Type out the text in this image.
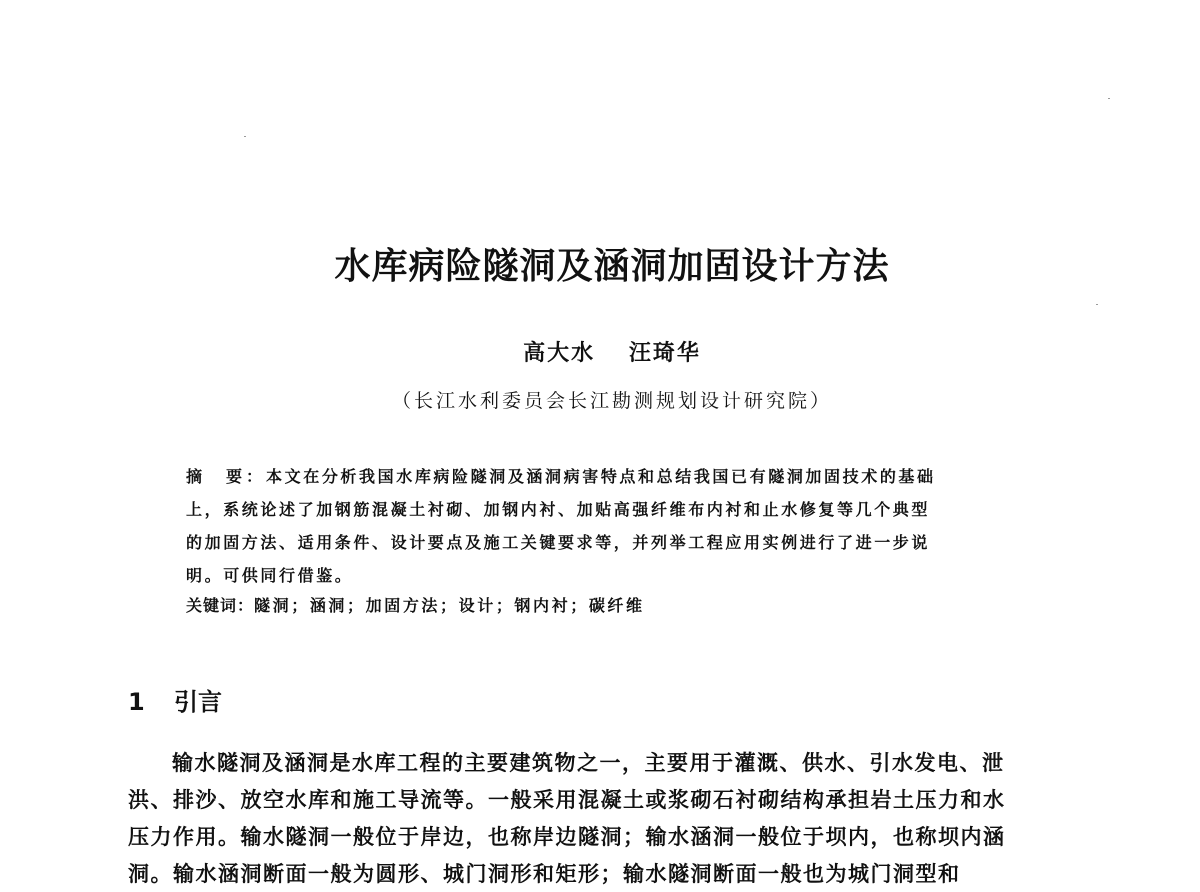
水库病险隧洞及涵洞加固设计方法
高大水　 汪琦华
（长江水利委员会长江勘测规划设计研究院）
摘　要：本文在分析我国水库病险隧洞及涵洞病害特点和总结我国已有隧洞加固技术的基础
上，系统论述了加钢筋混凝土衬砌、加钢内衬、加贴高强纤维布内衬和止水修复等几个典型
的加固方法、适用条件、设计要点及施工关键要求等，并列举工程应用实例进行了进一步说
明。可供同行借鉴。
关键词：隧洞；涵洞；加固方法；设计；钢内衬；碳纤维
1 引言
输水隧洞及涵洞是水库工程的主要建筑物之一，主要用于灌溉、供水、引水发电、泄
洪、排沙、放空水库和施工导流等。一般采用混凝土或浆砌石衬砌结构承担岩土压力和水
压力作用。输水隧洞一般位于岸边，也称岸边隧洞；输水涵洞一般位于坝内，也称坝内涵
洞。输水涵洞断面一般为圆形、城门洞形和矩形；输水隧洞断面一般也为城门洞型和
